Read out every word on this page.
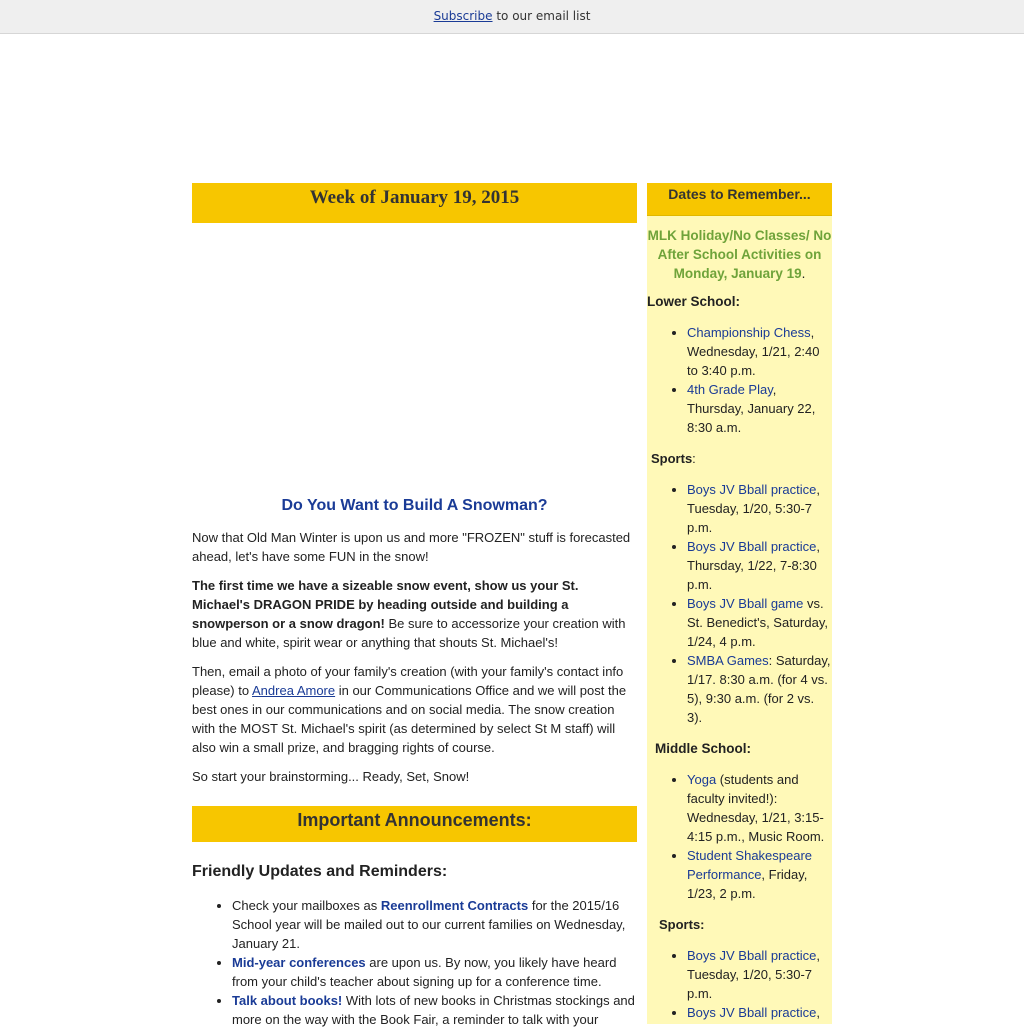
Subscribe to our email list
Week of January 19, 2015
Do You Want to Build A Snowman?

Now that Old Man Winter is upon us and more "FROZEN" stuff is forecasted ahead, let's have some FUN in the snow!

The first time we have a sizeable snow event, show us your St. Michael's DRAGON PRIDE by heading outside and building a snowperson or a snow dragon! Be sure to accessorize your creation with blue and white, spirit wear or anything that shouts St. Michael's!

Then, email a photo of your family's creation (with your family's contact info please) to Andrea Amore in our Communications Office and we will post the best ones in our communications and on social media. The snow creation with the MOST St. Michael's spirit (as determined by select St M staff) will also win a small prize, and bragging rights of course.

So start your brainstorming... Ready, Set, Snow!

Important Announcements:
Friendly Updates and Reminders:
• Check your mailboxes as Reenrollment Contracts for the 2015/16 School year will be mailed out to our current families on Wednesday, January 21.
• Mid-year conferences are upon us. By now, you likely have heard from your child's teacher about signing up for a conference time.
• Talk about books! With lots of new books in Christmas stockings and more on the way with the Book Fair, a reminder to talk with your
Dates to Remember...
MLK Holiday/No Classes/ No After School Activities on Monday, January 19.
Lower School:
• Championship Chess, Wednesday, 1/21, 2:40 to 3:40 p.m.
• 4th Grade Play, Thursday, January 22, 8:30 a.m.
Sports:
• Boys JV Bball practice, Tuesday, 1/20, 5:30-7 p.m.
• Boys JV Bball practice, Thursday, 1/22, 7-8:30 p.m.
• Boys JV Bball game vs. St. Benedict's, Saturday, 1/24, 4 p.m.
• SMBA Games: Saturday, 1/17. 8:30 a.m. (for 4 vs. 5), 9:30 a.m. (for 2 vs. 3).
Middle School:
• Yoga (students and faculty invited!): Wednesday, 1/21, 3:15-4:15 p.m., Music Room.
• Student Shakespeare Performance, Friday, 1/23, 2 p.m.
Sports:
• Boys JV Bball practice, Tuesday, 1/20, 5:30-7 p.m.
• Boys JV Bball practice,
